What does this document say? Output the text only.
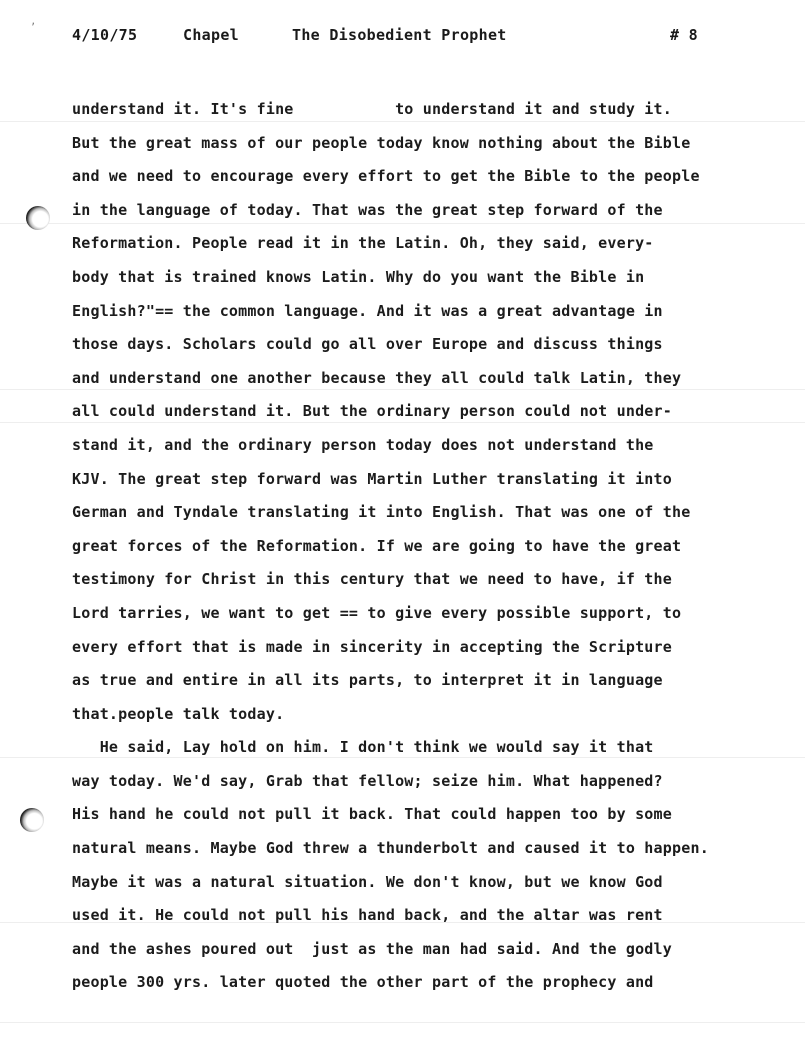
ʼ 4/10/75	Chapel	The Disobedient Prophet	# 8
understand it. It's fine           to understand it and study it.
But the great mass of our people today know nothing about the Bible
and we need to encourage every effort to get the Bible to the people
in the language of today. That was the great step forward of the
Reformation. People read it in the Latin. Oh, they said, every-
body that is trained knows Latin. Why do you want the Bible in
English?"== the common language. And it was a great advantage in
those days. Scholars could go all over Europe and discuss things
and understand one another because they all could talk Latin, they
all could understand it. But the ordinary person could not under-
stand it, and the ordinary person today does not understand the
KJV. The great step forward was Martin Luther translating it into
German and Tyndale translating it into English. That was one of the
great forces of the Reformation. If we are going to have the great
testimony for Christ in this century that we need to have, if the
Lord tarries, we want to get == to give every possible support, to
every effort that is made in sincerity in accepting the Scripture
as true and entire in all its parts, to interpret it in language
that.people talk today.
He said, Lay hold on him. I don't think we would say it that
way today. We'd say, Grab that fellow; seize him. What happened?
His hand he could not pull it back. That could happen too by some
natural means. Maybe God threw a thunderbolt and caused it to happen.
Maybe it was a natural situation. We don't know, but we know God
used it. He could not pull his hand back, and the altar was rent
and the ashes poured out  just as the man had said. And the godly
people 300 yrs. later quoted the other part of the prophecy and
